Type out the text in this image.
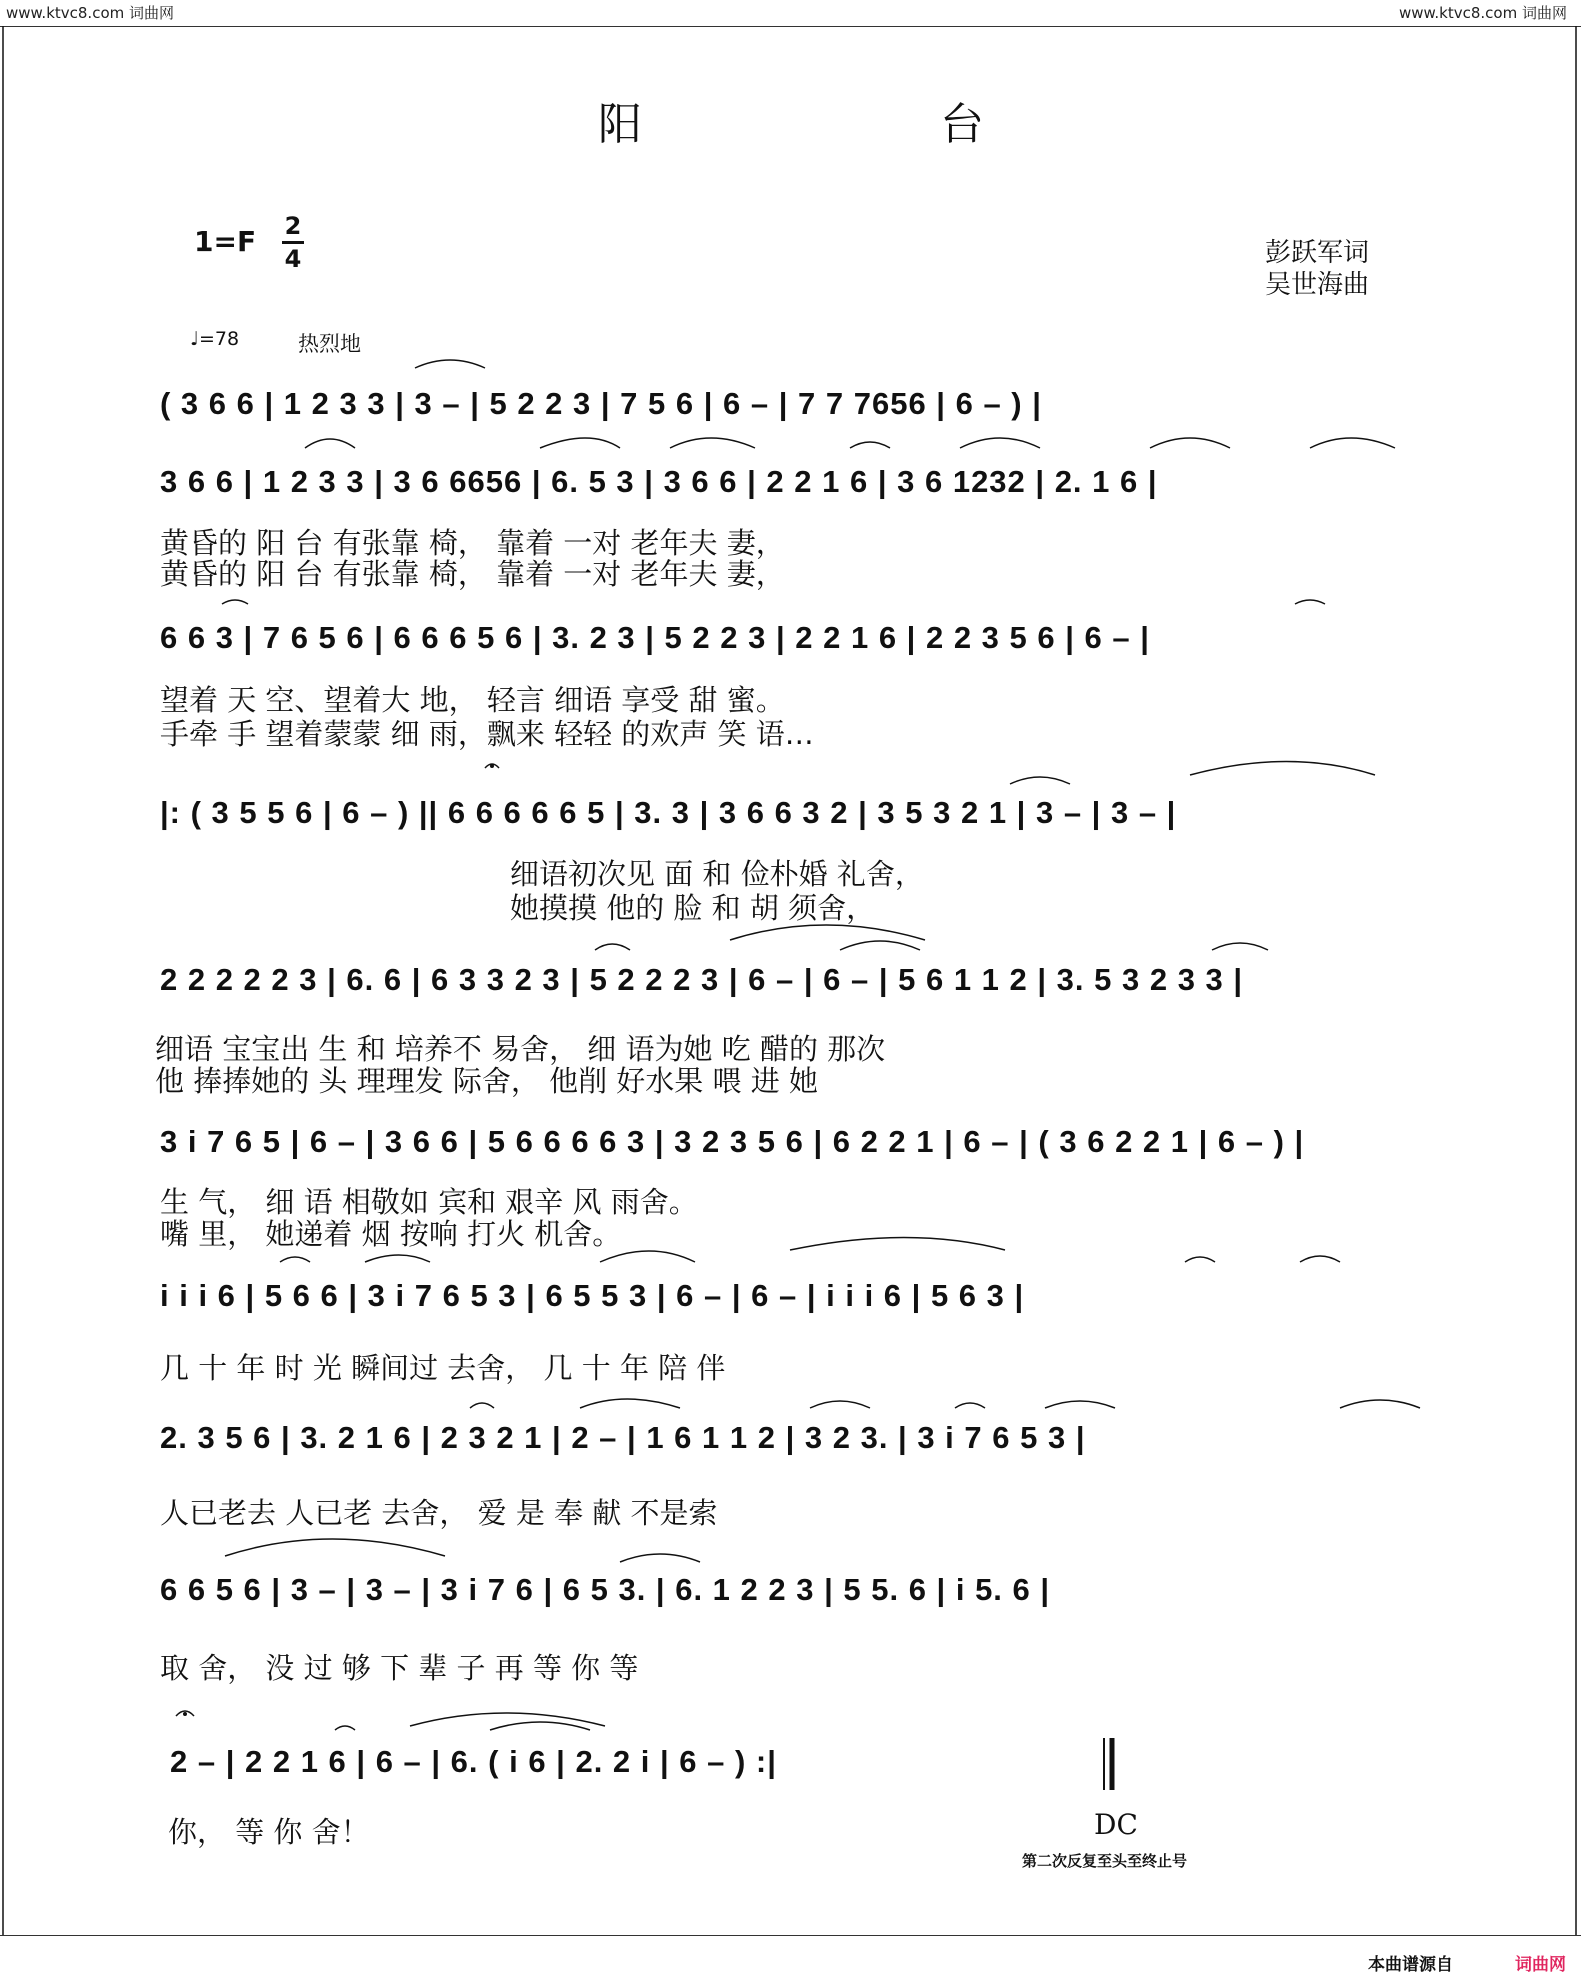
www.ktvc8.com 词曲网	www.ktvc8.com 词曲网
阳	台
1=F 2
4
♩=78	热烈地
彭跃军词
吴世海曲
( 3 6 6 | 1 2 3 3 | 3 – | 5 2 2 3 | 7 5 6 | 6 – | 7 7 7656 | 6 – ) |
3 6 6 | 1 2 3 3 | 3 6 6656 | 6. 5 3 | 3 6 6 | 2 2 1 6 | 3 6 1232 | 2. 1 6 |
黄昏的 阳 台 有张靠 椅， 靠着 一对 老年夫 妻，
黄昏的 阳 台 有张靠 椅， 靠着 一对 老年夫 妻，
6 6 3 | 7 6 5 6 | 6 6 6 5 6 | 3. 2 3 | 5 2 2 3 | 2 2 1 6 | 2 2 3 5 6 | 6 – |
望着 天 空、望着大 地， 轻言 细语 享受 甜 蜜。
手牵 手 望着蒙蒙 细 雨，飘来 轻轻 的欢声 笑 语…
|: ( 3 5 5 6 | 6 – ) || 6 6 6 6 6 5 | 3. 3 | 3 6 6 3 2 | 3 5 3 2 1 | 3 – | 3 – |
细语初次见 面 和 俭朴婚 礼舍，
她摸摸 他的 脸 和 胡 须舍，
2 2 2 2 2 3 | 6. 6 | 6 3 3 2 3 | 5 2 2 2 3 | 6 – | 6 – | 5 6 1 1 2 | 3. 5 3 2 3 3 |
细语 宝宝出 生 和 培养不 易舍， 细 语为她 吃 醋的 那次
他 捧捧她的 头 理理发 际舍， 他削 好水果 喂 进 她
3 i 7 6 5 | 6 – | 3 6 6 | 5 6 6 6 6 3 | 3 2 3 5 6 | 6 2 2 1 | 6 – | ( 3 6 2 2 1 | 6 – ) |
生 气， 细 语 相敬如 宾和 艰辛 风 雨舍。
嘴 里， 她递着 烟 按响 打火 机舍。
i i i 6 | 5 6 6 | 3 i 7 6 5 3 | 6 5 5 3 | 6 – | 6 – | i i i 6 | 5 6 3 |
几 十 年 时 光 瞬间过 去舍， 几 十 年 陪 伴
2. 3 5 6 | 3. 2 1 6 | 2 3 2 1 | 2 – | 1 6 1 1 2 | 3 2 3. | 3 i 7 6 5 3 |
人已老去 人已老 去舍， 爱 是 奉 献 不是索
6 6 5 6 | 3 – | 3 – | 3 i 7 6 | 6 5 3. | 6. 1 2 2 3 | 5 5. 6 | i 5. 6 |
取 舍， 没 过 够 下 辈 子 再 等 你 等
2 – | 2 2 1 6 | 6 – | 6. ( i 6 | 2. 2 i | 6 – ) :|
你， 等 你 舍！	DC
第二次反复至头至终止号
本曲谱源自	词曲网
